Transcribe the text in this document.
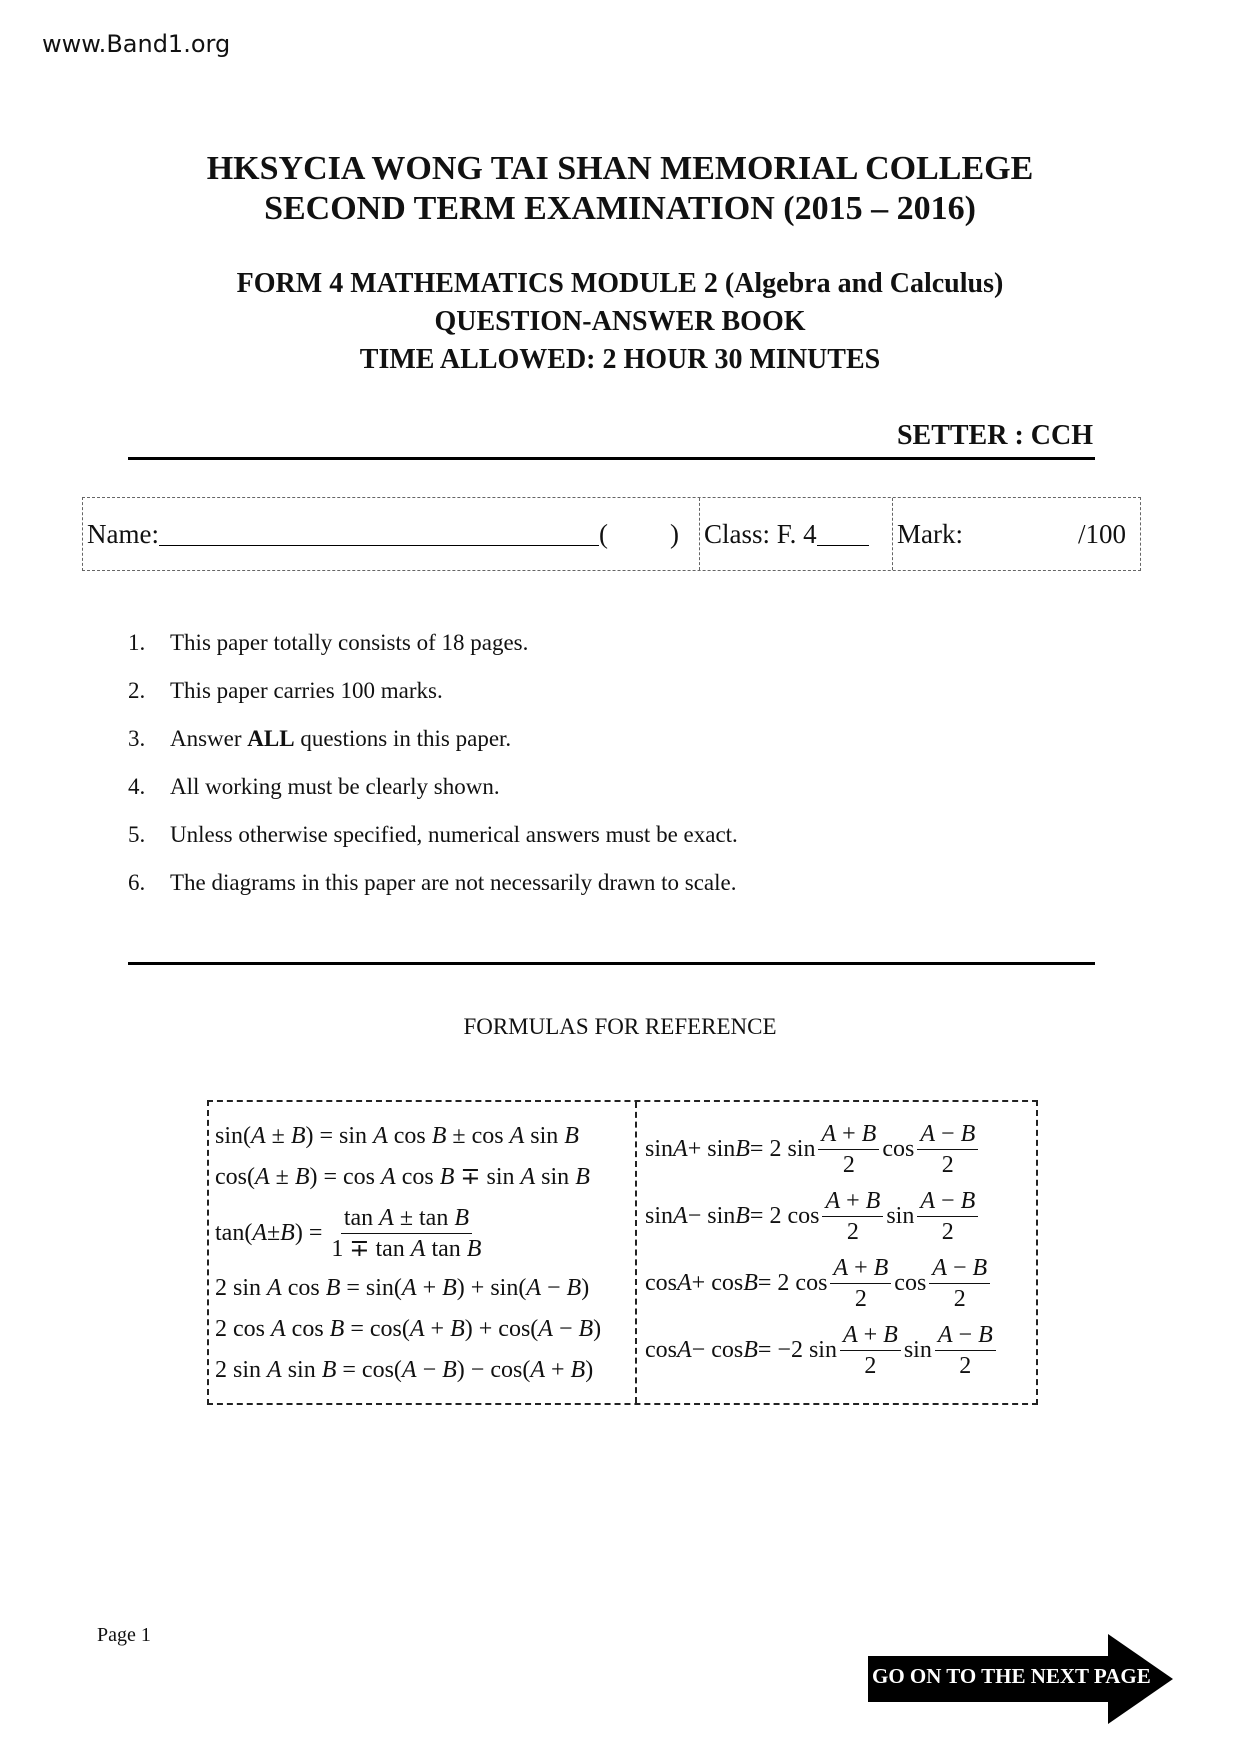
www.Band1.org
HKSYCIA WONG TAI SHAN MEMORIAL COLLEGE
SECOND TERM EXAMINATION (2015 – 2016)
FORM 4 MATHEMATICS MODULE 2 (Algebra and Calculus)
QUESTION-ANSWER BOOK
TIME ALLOWED: 2 HOUR 30 MINUTES
SETTER : CCH
Name:	( ) Class: F. 4	Mark:	/100
1. This paper totally consists of 18 pages.
2. This paper carries 100 marks.
3. Answer ALL questions in this paper.
4. All working must be clearly shown.
5. Unless otherwise specified, numerical answers must be exact.
6. The diagrams in this paper are not necessarily drawn to scale.
FORMULAS FOR REFERENCE
sin(A ± B) = sin A cos B ± cos A sin B
cos(A ± B) = cos A cos B ∓ sin A sin B
tan( A ± B ) = $\frac{\text{tan A ± tan B}}{\text{1 ∓ tan A tan B}}$
2 sin A cos B = sin(A + B) + sin(A − B)
2 cos A cos B = cos(A + B) + cos(A − B)
2 sin A sin B = cos(A − B) − cos(A + B)
sin A + sin B = 2 $\sin \frac{A + B}{2}$ $\cos \frac{A - B}{2}$
sin A − sin B = 2 $\cos \frac{A + B}{2}$ $\sin \frac{A - B}{2}$
cos A + cos B = 2 $\cos \frac{A + B}{2}$ $\cos \frac{A - B}{2}$
cos A − cos B = −2 $\sin \frac{A + B}{2}$ $\sin \frac{A - B}{2}$
Page 1
GO ON TO THE NEXT PAGE
